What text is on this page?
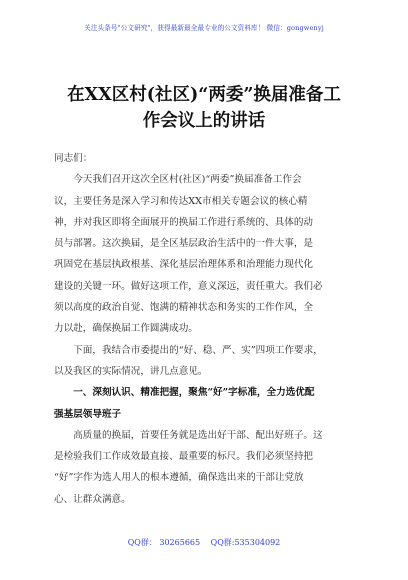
关注头条号"公文研究"，获得最新最全最专业的公文资料库！ 微信：gongwenyj
在XX区村(社区)“两委”换届准备工
作会议上的讲话

同志们：

今天我们召开这次全区村(社区)“两委”换届准备工作会
议，主要任务是深入学习和传达XX市相关专题会议的核心精
神，并对我区即将全面展开的换届工作进行系统的、具体的动
员与部署。这次换届，是全区基层政治生活中的一件大事，是
巩固党在基层执政根基、深化基层治理体系和治理能力现代化
建设的关键一环。做好这项工作，意义深远，责任重大。我们必
须以高度的政治自觉、饱满的精神状态和务实的工作作风，全
力以赴，确保换届工作圆满成功。

下面，我结合市委提出的“好、稳、严、实”四项工作要求，
以及我区的实际情况，讲几点意见。

一、深刻认识、精准把握，聚焦“好”字标准，全力选优配
强基层领导班子

高质量的换届，首要任务就是选出好干部、配出好班子。这
是检验我们工作成效最直接、最重要的标尺。我们必须坚持把
“好”字作为选人用人的根本遵循，确保选出来的干部让党放
心、让群众满意。

QQ群： 30265665 QQ群:535304092
